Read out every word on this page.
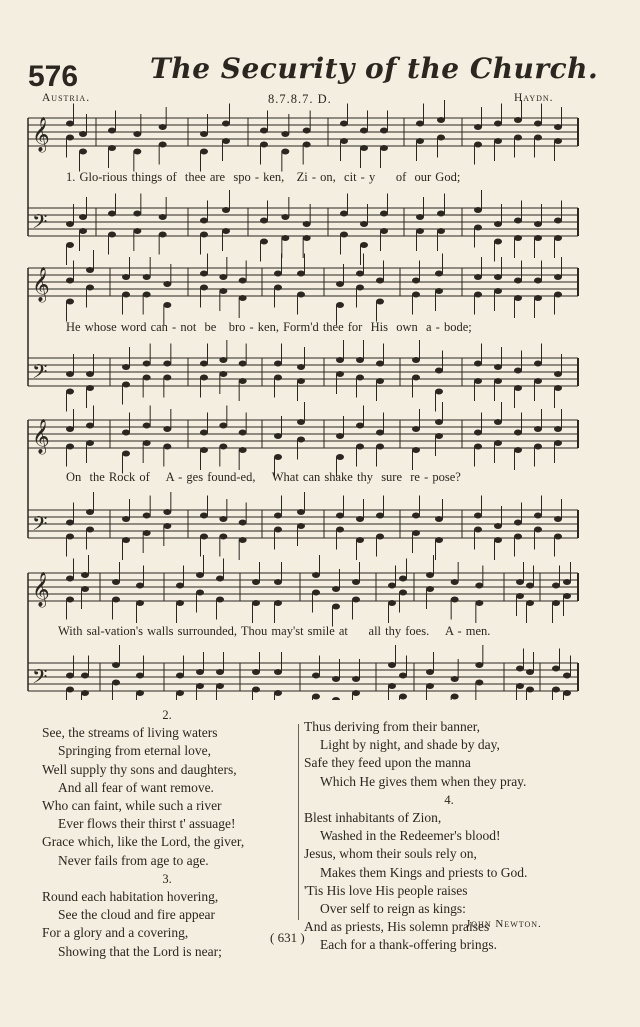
576	The Security of the Church.
Austria.	8.7.8.7. D.	Haydn.
𝄞
𝄢
𝄞
𝄢
𝄞
𝄢
𝄞
𝄢
1. Glo-rious things of  thee are  spo - ken,   Zi - on,  cit - y     of  our God;
He whose word can - not  be   bro - ken, Form'd thee for  His  own  a - bode;
On  the Rock of    A - ges found-ed,    What can shake thy  sure  re - pose?
With sal-vation's walls surrounded, Thou may'st smile at     all thy foes.    A - men.
2.
See, the streams of living waters
Springing from eternal love,
Well supply thy sons and daughters,
And all fear of want remove.
Who can faint, while such a river
Ever flows their thirst t' assuage!
Grace which, like the Lord, the giver,
Never fails from age to age.
3.
Round each habitation hovering,
See the cloud and fire appear
For a glory and a covering,
Showing that the Lord is near;
Thus deriving from their banner,
Light by night, and shade by day,
Safe they feed upon the manna
Which He gives them when they pray.
4.
Blest inhabitants of Zion,
Washed in the Redeemer's blood!
Jesus, whom their souls rely on,
Makes them Kings and priests to God.
'Tis His love His people raises
Over self to reign as kings:
And as priests, His solemn praises
Each for a thank-offering brings.
John Newton.
( 631 )
